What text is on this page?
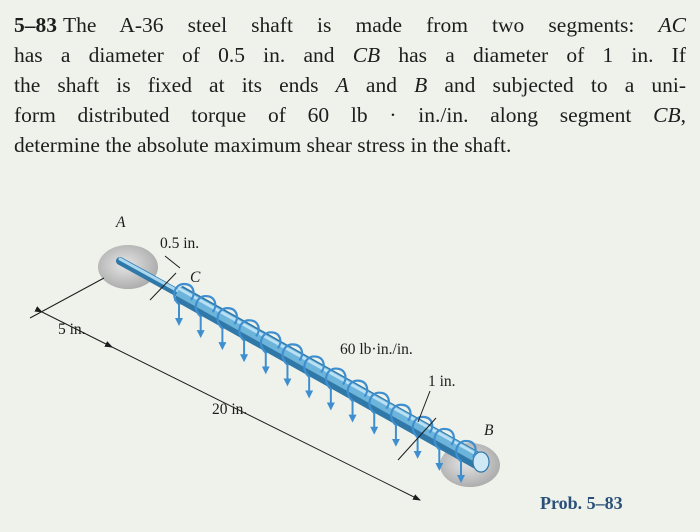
5–83 The A-36 steel shaft is made from two segments: AC
has a diameter of 0.5 in. and CB has a diameter of 1 in. If
the shaft is fixed at its ends A and B and subjected to a uni-
form distributed torque of 60 lb · in./in. along segment CB,
determine the absolute maximum shear stress in the shaft.
A
C
B
0.5 in.
1 in.
5 in.
20 in.
60 lb·in./in.
Prob. 5–83
